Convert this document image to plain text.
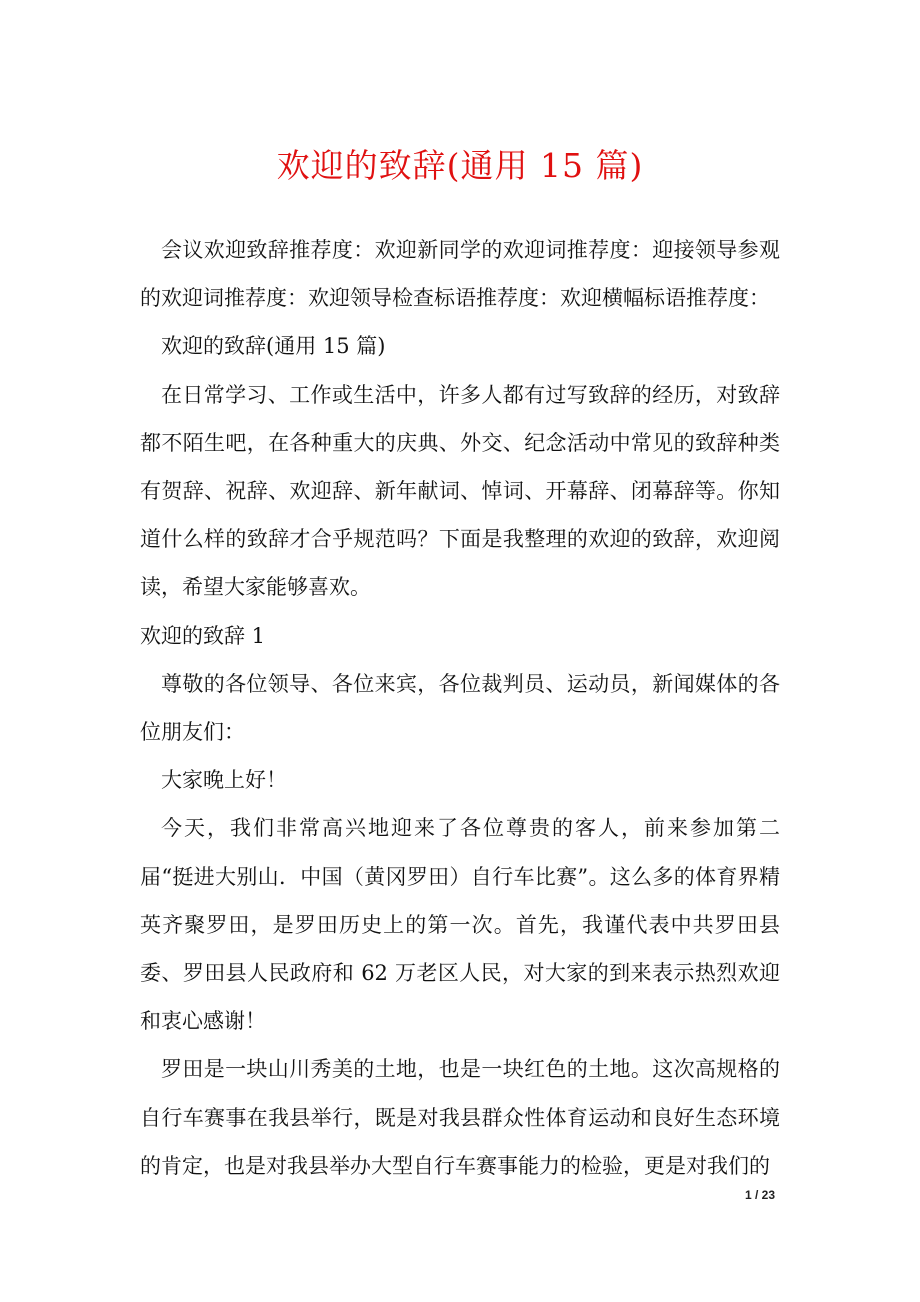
欢迎的致辞(通用 15 篇)

会议欢迎致辞推荐度：欢迎新同学的欢迎词推荐度：迎接领导参观的欢迎词推荐度：欢迎领导检查标语推荐度：欢迎横幅标语推荐度：

欢迎的致辞(通用 15 篇)

在日常学习、工作或生活中，许多人都有过写致辞的经历，对致辞都不陌生吧，在各种重大的庆典、外交、纪念活动中常见的致辞种类有贺辞、祝辞、欢迎辞、新年献词、悼词、开幕辞、闭幕辞等。你知道什么样的致辞才合乎规范吗？下面是我整理的欢迎的致辞，欢迎阅读，希望大家能够喜欢。

欢迎的致辞 1

尊敬的各位领导、各位来宾，各位裁判员、运动员，新闻媒体的各位朋友们：

大家晚上好！

今天，我们非常高兴地迎来了各位尊贵的客人，前来参加第二届“挺进大别山．中国（黄冈罗田）自行车比赛”。这么多的体育界精英齐聚罗田，是罗田历史上的第一次。首先，我谨代表中共罗田县委、罗田县人民政府和 62 万老区人民，对大家的到来表示热烈欢迎和衷心感谢！

罗田是一块山川秀美的土地，也是一块红色的土地。这次高规格的自行车赛事在我县举行，既是对我县群众性体育运动和良好生态环境的肯定，也是对我县举办大型自行车赛事能力的检验，更是对我们的

1 / 23
